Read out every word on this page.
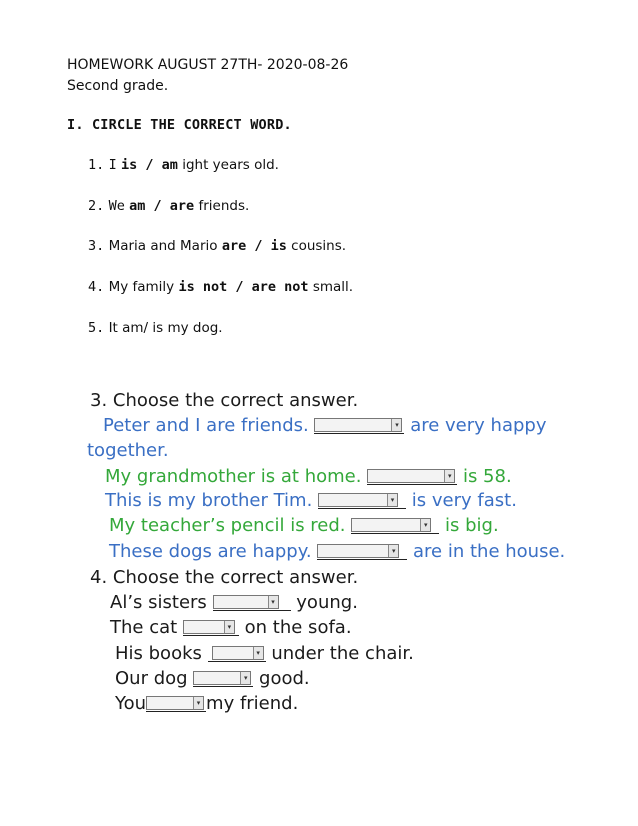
HOMEWORK AUGUST 27TH- 2020-08-26
Second grade.
I. CIRCLE THE CORRECT WORD.
1. I is / am ight years old.
2. We am / are friends.
3. Maria and Mario are / is cousins.
4. My family is not / are not small.
5. It am/ is my dog.
3. Choose the correct answer.
Peter and I are friends.	▾ are very happy
together.
My grandmother is at home.	▾ is 58.
This is my brother Tim.	▾ is very fast.
My teacher’s pencil is red.	▾ is big.
These dogs are happy.	▾ are in the house.
4. Choose the correct answer.
Al’s sisters	▾ young.
The cat	▾ on the sofa.
His books	▾ under the chair.
Our dog	▾ good.
You	▾ my friend.
